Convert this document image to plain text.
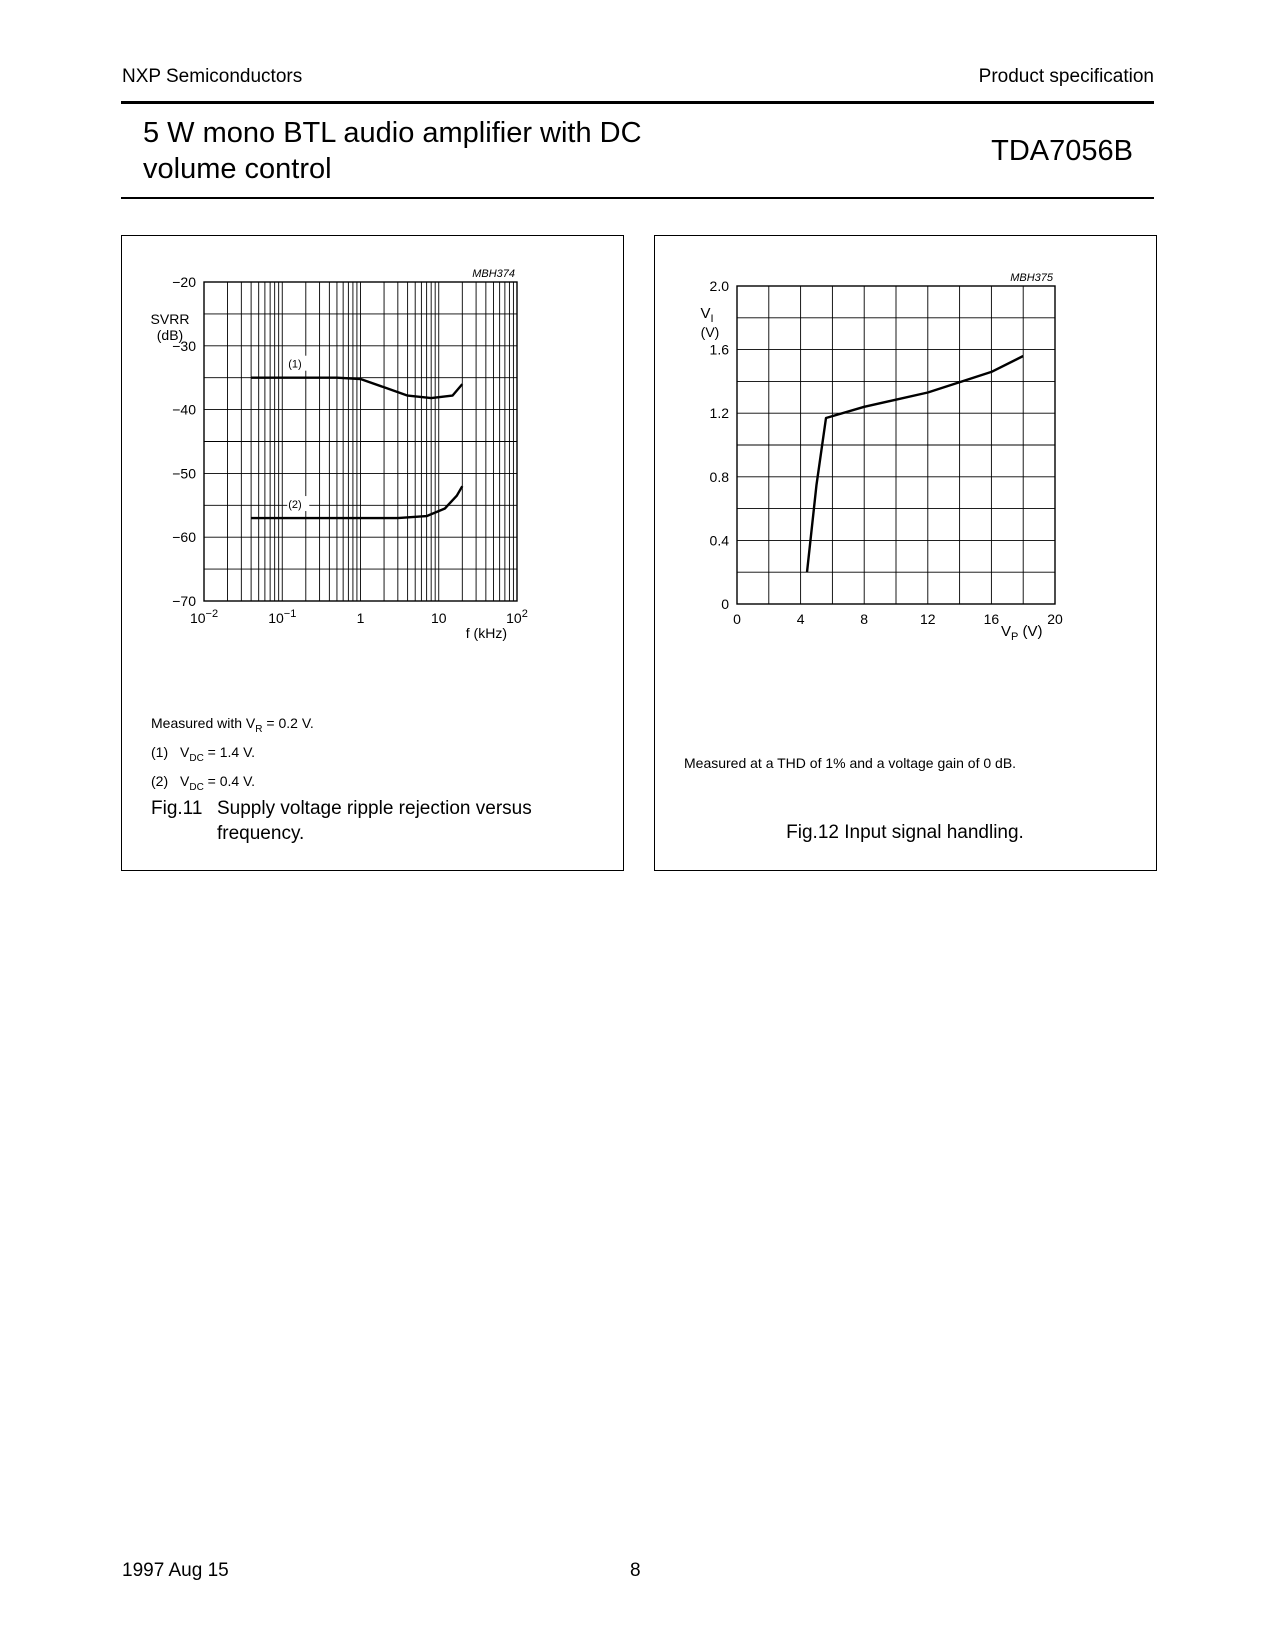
NXP Semiconductors	Product specification
5 W mono BTL audio amplifier with DC
volume control
TDA7056B
−20
−30
−40
−50
−60
−70
$10^{-2}$	$10^{-1}$	1	10	$10^2$
SVRR
(dB)
f (kHz)
MBH374
(1)
(2)
Measured with $V_R = 0.2$ V.
(1) $V_{DC} = 1.4$ V.
(2) $V_{DC} = 0.4$ V.
Fig.11 Supply voltage ripple rejection versus
frequency.
0
0.4
0.8
1.2
1.6
2.0
0	4	8	12	16	20
$V_I$
(V)
$V_P$ (V)
MBH375
Measured at a THD of 1% and a voltage gain of 0 dB.
Fig.12 Input signal handling.
1997 Aug 15	8
